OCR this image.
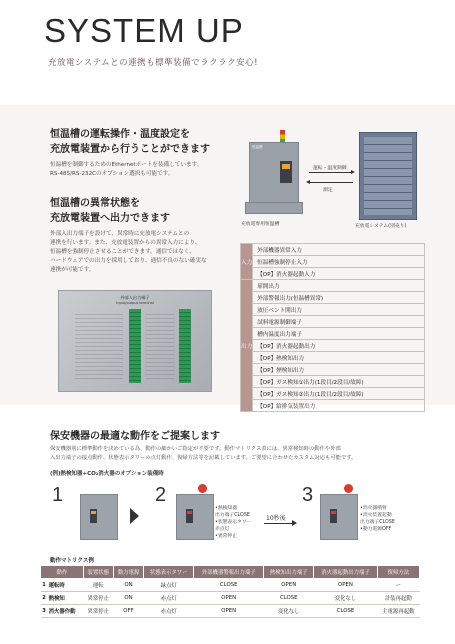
SYSTEM UP
充放電システムとの連携も標準装備でラクラク安心!
恒温槽の運転操作・温度設定を
充放電装置から行うことができます
恒温槽を制御するためのEthernetポートを装備しています。
RS-485/RS-232Cのオプション選択も可能です。
恒温槽の異常状態を
充放電装置へ出力できます
外部入出力端子を設けて、異常時に充放電システムとの
連携を行います。また、充放電装置からの異常入力により、
恒温槽を強制停止させることができます。通信ではなく、
ハードウェアでの出力を採用しており、通信不良のない確実な
連携が可能です。
外部入出力端子
Input/output terminal
恒温槽
運転・温度制御
測定
充放電専用恒温槽	充放電システム(別売り)
入力	外部機器異常入力
	恒温槽強制停止入力
	【OP】消火器起動入力
出力	扉開出力
	外部警報出力(恒温槽異常)
	放圧ベント開出力
	試料電源制御端子
	槽内温度出力端子
	【OP】消火器起動出力
	【OP】熱検知出力
	【OP】煙検知出力
	【OP】ガス検知①出力(1段目/2段目/故障)
	【OP】ガス検知②出力(1段目/2段目/故障)
	【OP】給排気装置出力
保安機器の最適な動作をご提案します
保安機器別に標準動作を決めている為、動作の細かいご指定が不要です。動作マトリクス表には、異常検知時の動作や外部
入出力端子の接点動作、状態表示タワーの点灯動作、復帰方法等を記載しています。ご要望に合わせたカスタム対応も可能です。
(例)熱検知器+CO₂消火器のオプション装備時
1	2
•熱検知器
出力端子CLOSE
•状態表示タワー
赤点灯
•異常停止
10秒後
3
•消火器噴射
•消火装置起動
出力端子CLOSE
•動力電源OFF
動作マトリクス例
動作		装置状態	動力電源	状態表示タワー	外部機器警報出力端子	熱検知出力端子	消火器起動出力端子	復帰方法
1	運転時	運転	ON	緑点灯	CLOSE	OPEN	OPEN	ー
2	熱検知	異常停止	ON	赤点灯	OPEN	CLOSE	変化なし	計装再起動
3	消火器作動	異常停止	OFF	赤点灯	OPEN	変化なし	CLOSE	主電源再起動
